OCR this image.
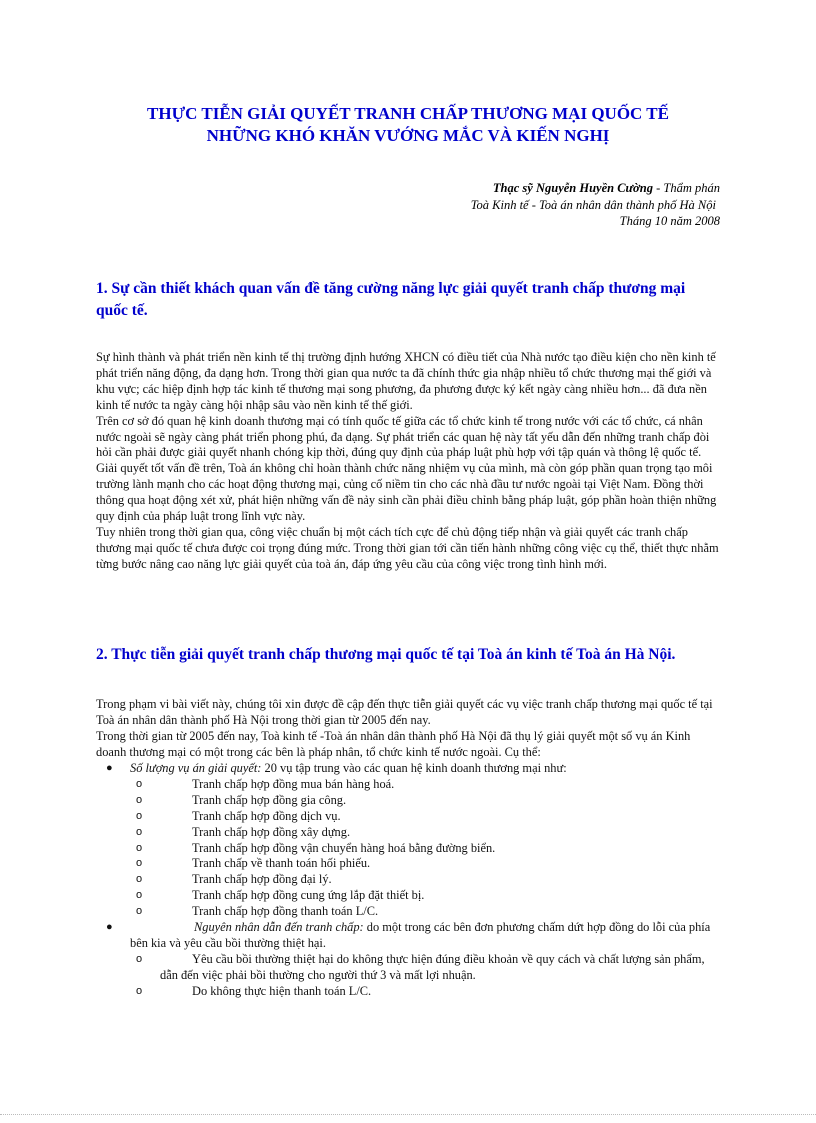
THỰC TIỄN GIẢI QUYẾT TRANH CHẤP THƯƠNG MẠI QUỐC TẾ
NHỮNG KHÓ KHĂN VƯỚNG MẮC VÀ KIẾN NGHỊ
Thạc sỹ Nguyễn Huyền Cường - Thẩm phán
Toà Kinh tế - Toà án nhân dân thành phố Hà Nội
Tháng 10 năm 2008
1. Sự cần thiết khách quan vấn đề tăng cường năng lực giải quyết tranh chấp thương mại quốc tế.

Sự hình thành và phát triển nền kinh tế thị trường định hướng XHCN có điều tiết của Nhà nước tạo điều kiện cho nền kinh tế phát triển năng động, đa dạng hơn. Trong thời gian qua nước ta đã chính thức gia nhập nhiều tổ chức thương mại thế giới và khu vực; các hiệp định hợp tác kinh tế thương mại song phương, đa phương được ký kết ngày càng nhiều hơn... đã đưa nền kinh tế nước ta ngày càng hội nhập sâu vào nền kinh tế thế giới.

Trên cơ sở đó quan hệ kinh doanh thương mại có tính quốc tế giữa các tổ chức kinh tế trong nước với các tổ chức, cá nhân nước ngoài sẽ ngày càng phát triển phong phú, đa dạng. Sự phát triển các quan hệ này tất yếu dẫn đến những tranh chấp đòi hỏi cần phải được giải quyết nhanh chóng kịp thời, đúng quy định của pháp luật phù hợp với tập quán và thông lệ quốc tế.

Giải quyết tốt vấn đề trên, Toà án không chỉ hoàn thành chức năng nhiệm vụ của mình, mà còn góp phần quan trọng tạo môi trường lành mạnh cho các hoạt động thương mại, củng cố niềm tin cho các nhà đầu tư nước ngoài tại Việt Nam. Đồng thời thông qua hoạt động xét xử, phát hiện những vấn đề nảy sinh cần phải điều chỉnh bằng pháp luật, góp phần hoàn thiện những quy định của pháp luật trong lĩnh vực này.

Tuy nhiên trong thời gian qua, công việc chuẩn bị một cách tích cực để chủ động tiếp nhận và giải quyết các tranh chấp thương mại quốc tế chưa được coi trọng đúng mức. Trong thời gian tới cần tiến hành những công việc cụ thể, thiết thực nhằm từng bước nâng cao năng lực giải quyết của toà án, đáp ứng yêu cầu của công việc trong tình hình mới.

2. Thực tiễn giải quyết tranh chấp thương mại quốc tế tại Toà án kinh tế Toà án Hà Nội.

Trong phạm vi bài viết này, chúng tôi xin được đề cập đến thực tiễn giải quyết các vụ việc tranh chấp thương mại quốc tế tại Toà án nhân dân thành phố Hà Nội trong thời gian từ 2005 đến nay.

Trong thời gian từ 2005 đến nay, Toà kinh tế -Toà án nhân dân thành phố Hà Nội đã thụ lý giải quyết một số vụ án Kinh doanh thương mại có một trong các bên là pháp nhân, tổ chức kinh tế nước ngoài. Cụ thể:

● Số lượng vụ án giải quyết: 20 vụ tập trung vào các quan hệ kinh doanh thương mại như:
o	Tranh chấp hợp đồng mua bán hàng hoá.
o	Tranh chấp hợp đồng gia công.
o	Tranh chấp hợp đồng dịch vụ.
o	Tranh chấp hợp đồng xây dựng.
o	Tranh chấp hợp đồng vận chuyển hàng hoá bằng đường biển.
o	Tranh chấp về thanh toán hối phiếu.
o	Tranh chấp hợp đồng đại lý.
o	Tranh chấp hợp đồng cung ứng lắp đặt thiết bị.
o	Tranh chấp hợp đồng thanh toán L/C.
●	Nguyên nhân dẫn đến tranh chấp: do một trong các bên đơn phương chấm dứt hợp đồng do lỗi của phía bên kia và yêu cầu bồi thường thiệt hại.
o	Yêu cầu bồi thường thiệt hại do không thực hiện đúng điều khoản về quy cách và chất lượng sản phẩm, dẫn đến việc phải bồi thường cho người thứ 3 và mất lợi nhuận.
o	Do không thực hiện thanh toán L/C.
